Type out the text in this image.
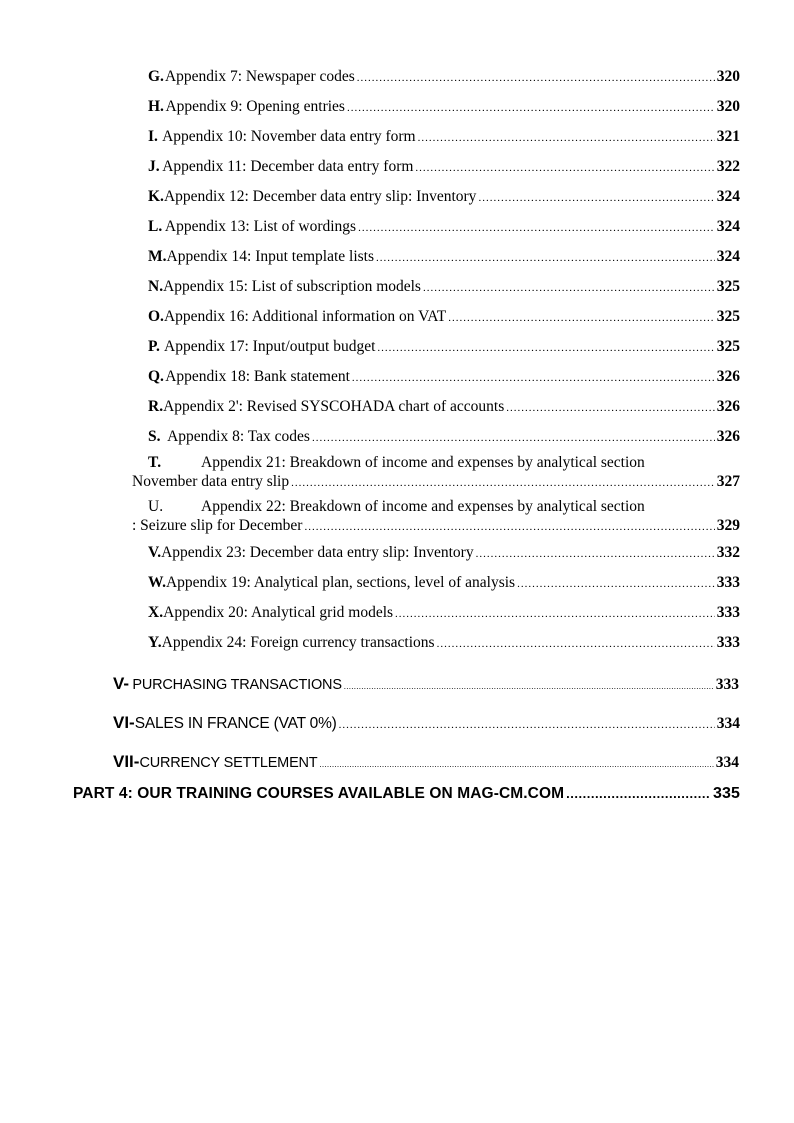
G. Appendix 7: Newspaper codes .....	320
H. Appendix 9: Opening entries .....	320
I. Appendix 10: November data entry form .....	321
J. Appendix 11: December data entry form .....	322
K. Appendix 12: December data entry slip: Inventory .....	324
L. Appendix 13: List of wordings .....	324
M. Appendix 14: Input template lists .....	324
N. Appendix 15: List of subscription models .....	325
O. Appendix 16: Additional information on VAT .....	325
P. Appendix 17: Input/output budget .....	325
Q. Appendix 18: Bank statement .....	326
R. Appendix 2': Revised SYSCOHADA chart of accounts .....	326
S. Appendix 8: Tax codes .....	326
T.	Appendix 21: Breakdown of income and expenses by analytical section
November data entry slip .....	327
U. Appendix 22: Breakdown of income and expenses by analytical section
: Seizure slip for December .....	329
V. Appendix 23: December data entry slip: Inventory .....	332
W. Appendix 19: Analytical plan, sections, level of analysis .....	333
X. Appendix 20: Analytical grid models .....	333
Y. Appendix 24: Foreign currency transactions .....	333
V- PURCHASING TRANSACTIONS .....	333
VI- SALES IN FRANCE (VAT 0%) .....	334
VII- CURRENCY SETTLEMENT .....	334
PART 4: OUR TRAINING COURSES AVAILABLE ON MAG-CM.COM .....	335
